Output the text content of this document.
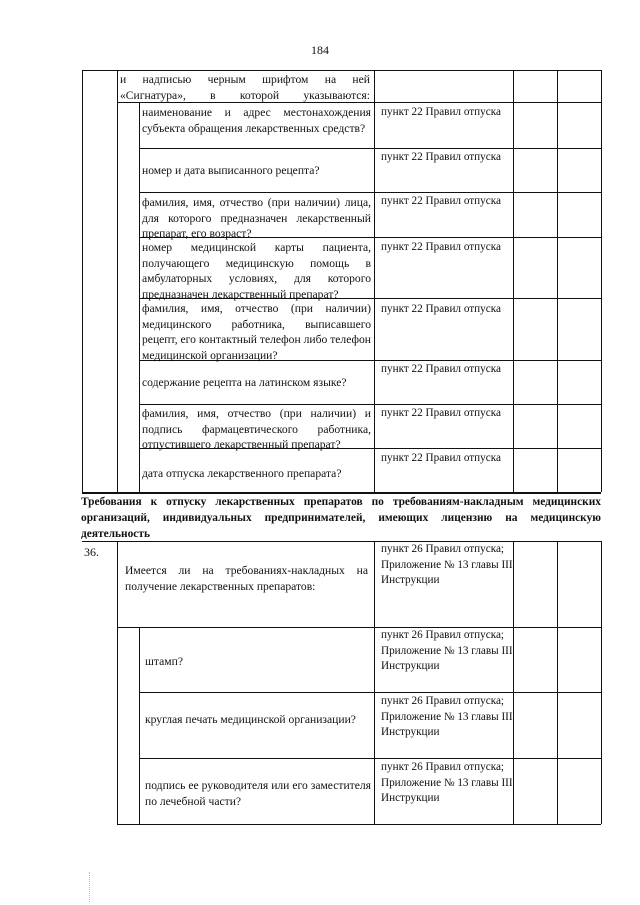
184
и надписью черным шрифтом на ней «Сигнатура», в которой указываются:
наименование и адрес местонахождения субъекта обращения лекарственных средств?
пункт 22 Правил отпуска
номер и дата выписанного рецепта?
пункт 22 Правил отпуска
фамилия, имя, отчество (при наличии) лица, для которого предназначен лекарственный препарат, его возраст?
пункт 22 Правил отпуска
номер медицинской карты пациента, получающего медицинскую помощь в амбулаторных условиях, для которого предназначен лекарственный препарат?
пункт 22 Правил отпуска
фамилия, имя, отчество (при наличии) медицинского работника, выписавшего рецепт, его контактный телефон либо телефон медицинской организации?
пункт 22 Правил отпуска
содержание рецепта на латинском языке?
пункт 22 Правил отпуска
фамилия, имя, отчество (при наличии) и подпись фармацевтического работника, отпустившего лекарственный препарат?
пункт 22 Правил отпуска
дата отпуска лекарственного препарата?
пункт 22 Правил отпуска
Требования к отпуску лекарственных препаратов по требованиям-накладным медицинских организаций, индивидуальных предпринимателей, имеющих лицензию на медицинскую деятельность
36.
Имеется ли на требованиях-накладных на получение лекарственных препаратов:
пункт 26 Правил отпуска; Приложение № 13 главы III Инструкции
штамп?
пункт 26 Правил отпуска; Приложение № 13 главы III Инструкции
круглая печать медицинской организации?
пункт 26 Правил отпуска; Приложение № 13 главы III Инструкции
подпись ее руководителя или его заместителя по лечебной части?
пункт 26 Правил отпуска; Приложение № 13 главы III Инструкции
